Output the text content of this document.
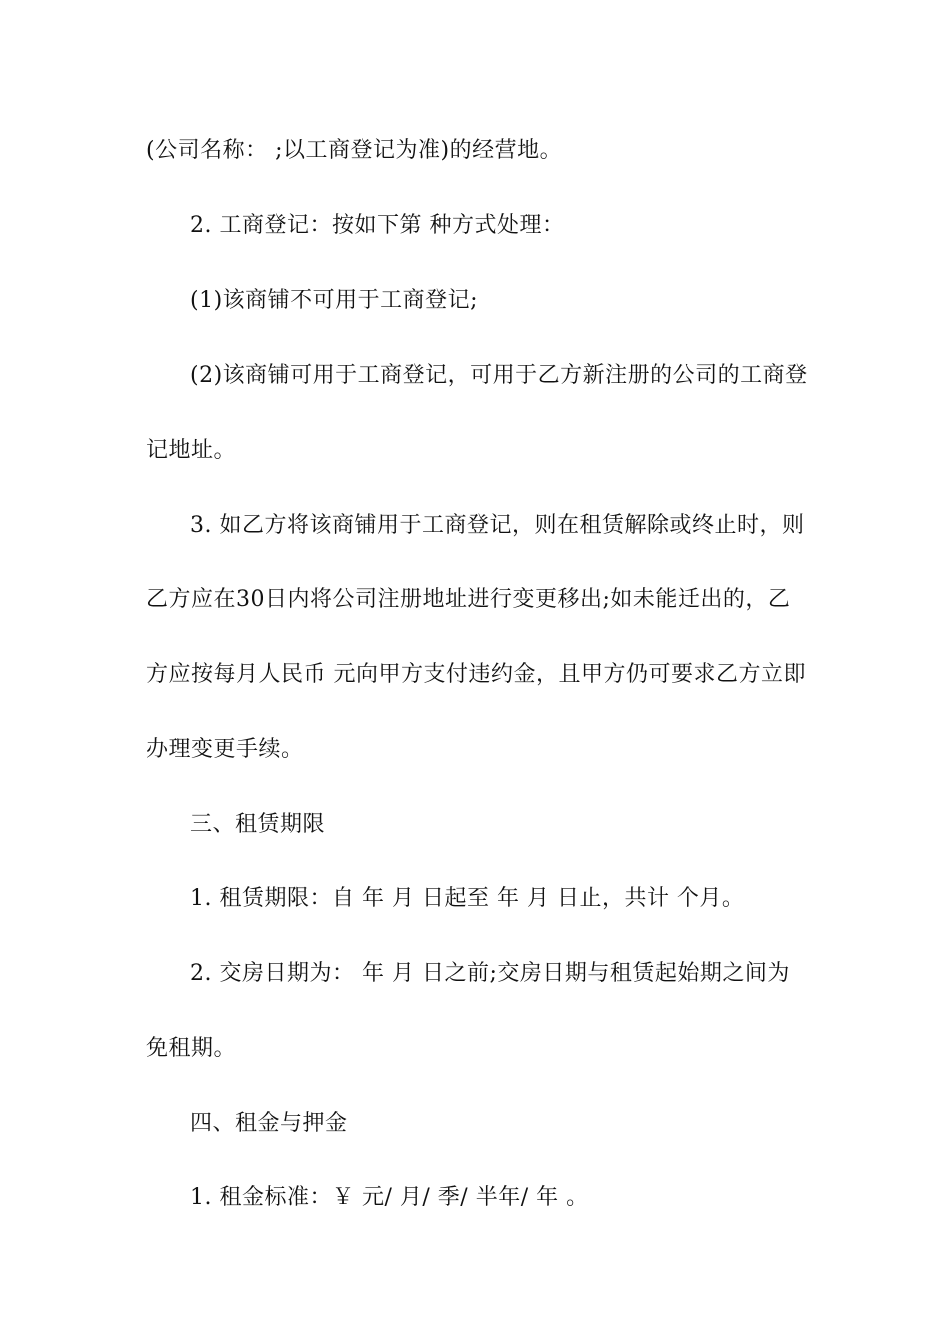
(公司名称： ;以工商登记为准)的经营地。
2. 工商登记：按如下第 种方式处理：
(1)该商铺不可用于工商登记;
(2)该商铺可用于工商登记，可用于乙方新注册的公司的工商登
记地址。
3. 如乙方将该商铺用于工商登记，则在租赁解除或终止时，则
乙方应在30日内将公司注册地址进行变更移出;如未能迁出的，乙
方应按每月人民币 元向甲方支付违约金，且甲方仍可要求乙方立即
办理变更手续。
三、租赁期限
1. 租赁期限：自 年 月 日起至 年 月 日止，共计 个月。
2. 交房日期为： 年 月 日之前;交房日期与租赁起始期之间为
免租期。
四、租金与押金
1. 租金标准：￥ 元/ 月/ 季/ 半年/ 年 。
